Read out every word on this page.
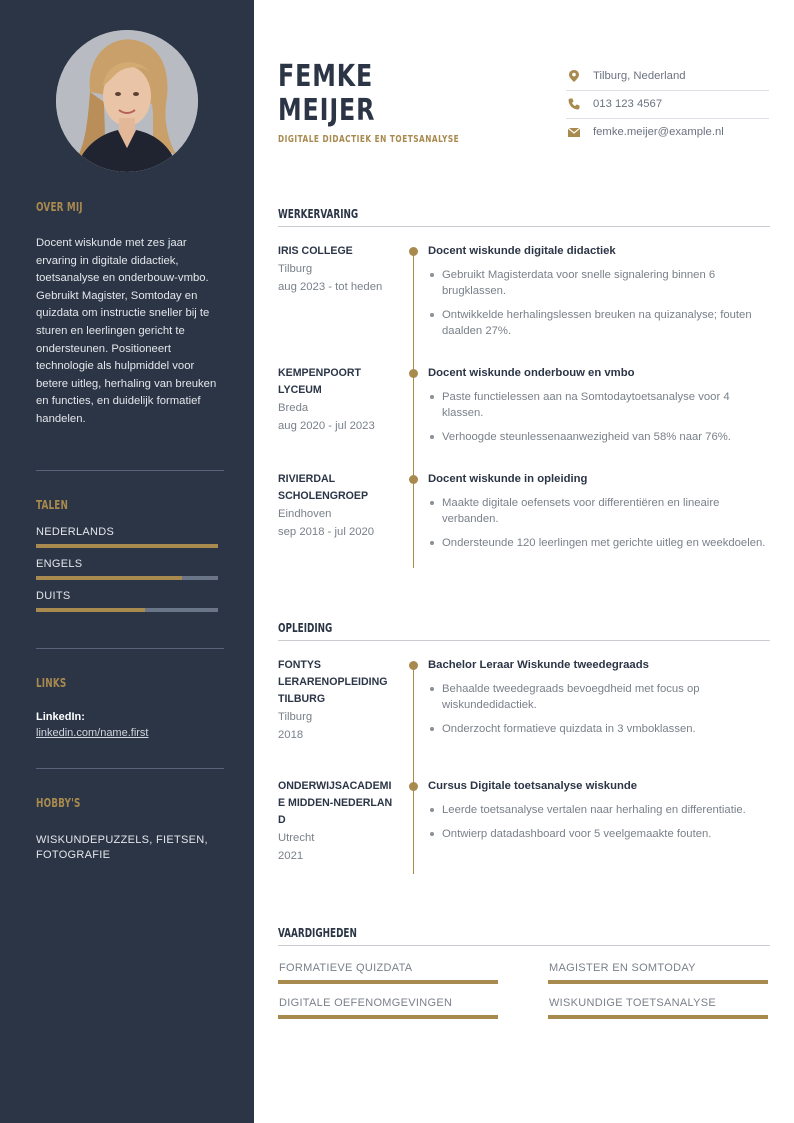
OVER MIJ
Docent wiskunde met zes jaar ervaring in digitale didactiek, toetsanalyse en onderbouw-vmbo. Gebruikt Magister, Somtoday en quizdata om instructie sneller bij te sturen en leerlingen gericht te ondersteunen. Positioneert technologie als hulpmiddel voor betere uitleg, herhaling van breuken en functies, en duidelijk formatief handelen.
TALEN
NEDERLANDS
ENGELS
DUITS
LINKS
LinkedIn:
linkedin.com/name.first
HOBBY'S
WISKUNDEPUZZELS, FIETSEN, FOTOGRAFIE
FEMKE
MEIJER
DIGITALE DIDACTIEK EN TOETSANALYSE
Tilburg, Nederland
013 123 4567
femke.meijer@example.nl
WERKERVARING
IRIS COLLEGE
Tilburg
aug 2023 - tot heden
Docent wiskunde digitale didactiek
Gebruikt Magisterdata voor snelle signalering binnen 6 brugklassen.
Ontwikkelde herhalingslessen breuken na quizanalyse; fouten daalden 27%.
KEMPENPOORT LYCEUM
Breda
aug 2020 - jul 2023
Docent wiskunde onderbouw en vmbo
Paste functielessen aan na Somtodaytoetsanalyse voor 4 klassen.
Verhoogde steunlessenaanwezigheid van 58% naar 76%.
RIVIERDAL SCHOLENGROEP
Eindhoven
sep 2018 - jul 2020
Docent wiskunde in opleiding
Maakte digitale oefensets voor differentiëren en lineaire verbanden.
Ondersteunde 120 leerlingen met gerichte uitleg en weekdoelen.
OPLEIDING
FONTYS LERARENOPLEIDING TILBURG
Tilburg
2018
Bachelor Leraar Wiskunde tweedegraads
Behaalde tweedegraads bevoegdheid met focus op wiskundedidactiek.
Onderzocht formatieve quizdata in 3 vmboklassen.
ONDERWIJSACADEMIE MIDDEN-NEDERLAND
Utrecht
2021
Cursus Digitale toetsanalyse wiskunde
Leerde toetsanalyse vertalen naar herhaling en differentiatie.
Ontwierp datadashboard voor 5 veelgemaakte fouten.
VAARDIGHEDEN
FORMATIEVE QUIZDATA	MAGISTER EN SOMTODAY
DIGITALE OEFENOMGEVINGEN	WISKUNDIGE TOETSANALYSE
